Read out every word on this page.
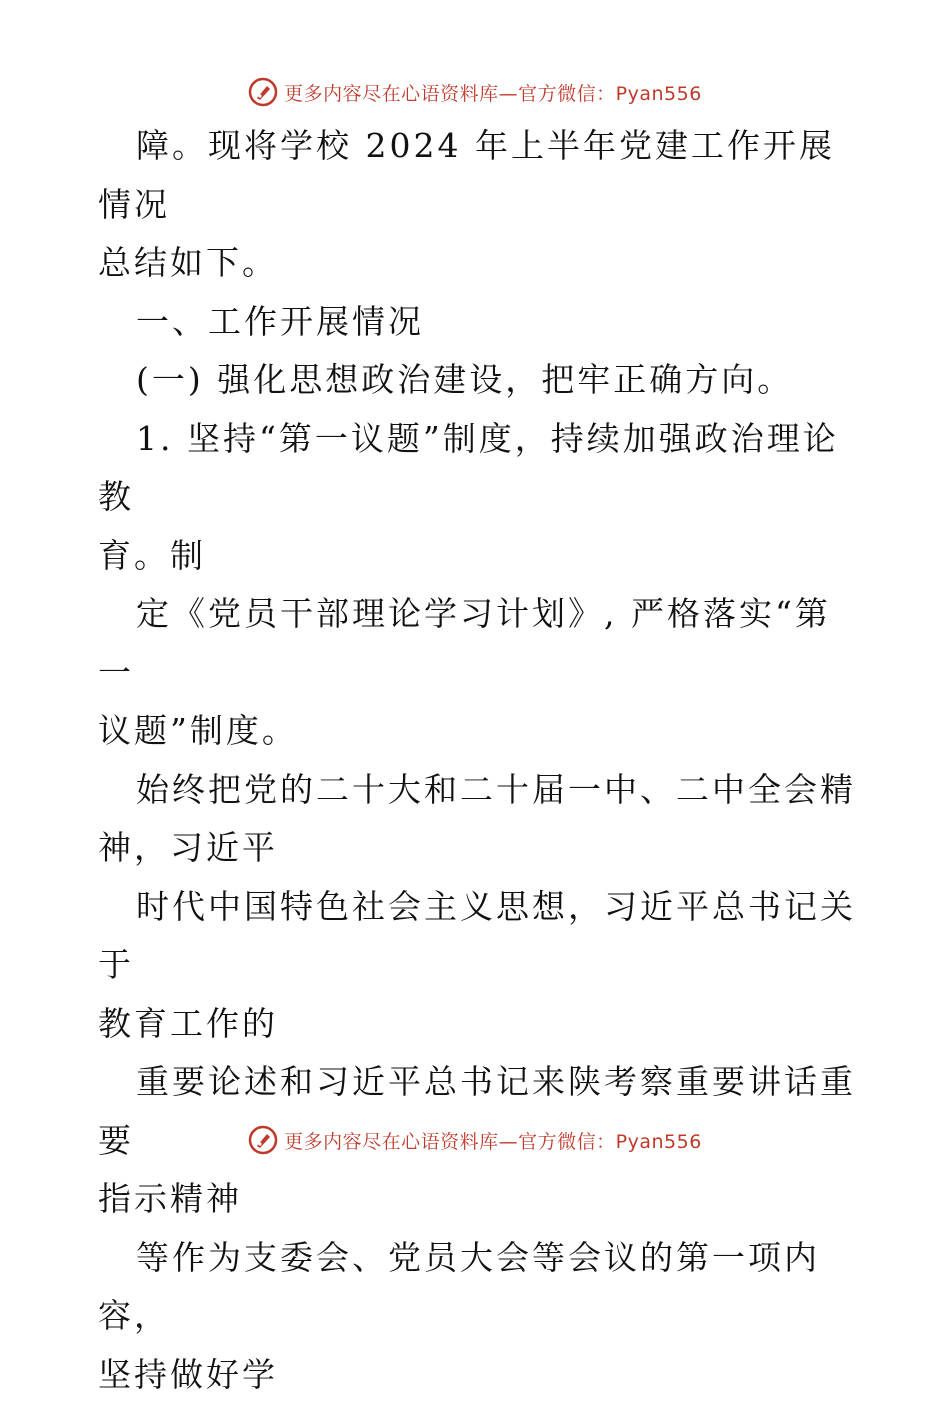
更多内容尽在心语资料库—官方微信：Pyan556

障。现将学校 2024 年上半年党建工作开展情况

总结如下。

一、工作开展情况

(一) 强化思想政治建设，把牢正确方向。

1. 坚持“第一议题”制度，持续加强政治理论教

育。制

定《党员干部理论学习计划》, 严格落实“第一

议题”制度。

始终把党的二十大和二十届一中、二中全会精

神，习近平

时代中国特色社会主义思想，习近平总书记关于

教育工作的

重要论述和习近平总书记来陕考察重要讲话重要

指示精神

等作为支委会、党员大会等会议的第一项内容，

坚持做好学

更多内容尽在心语资料库—官方微信：Pyan556
